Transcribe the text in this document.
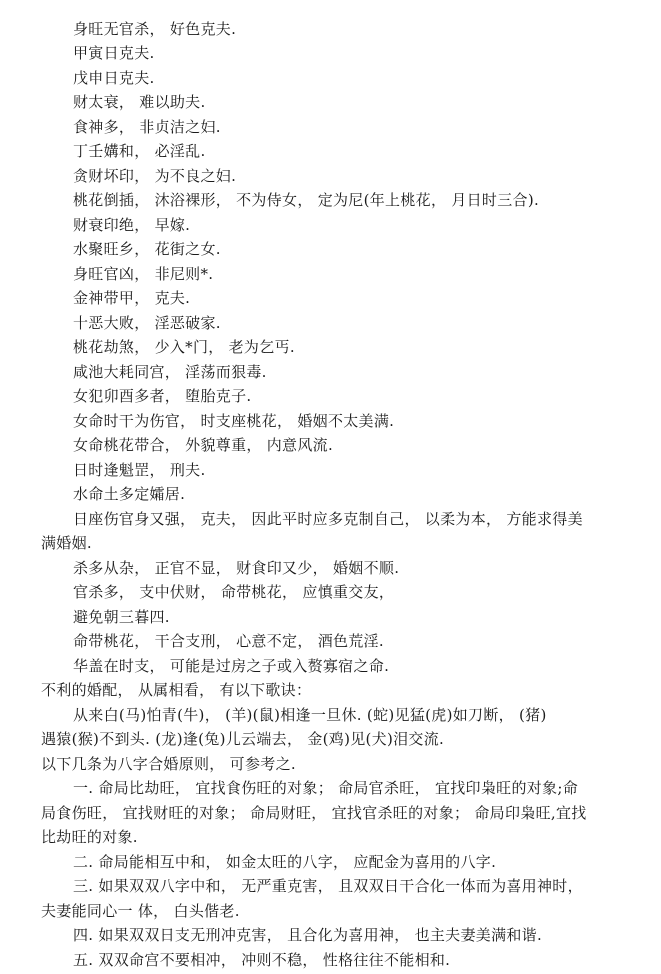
身旺无官杀， 好色克夫.
甲寅日克夫.
戊申日克夫.
财太衰， 难以助夫.
食神多， 非贞洁之妇.
丁壬媾和， 必淫乱.
贪财坏印， 为不良之妇.
桃花倒插， 沐浴裸形， 不为侍女， 定为尼(年上桃花， 月日时三合).
财衰印绝， 早嫁.
水聚旺乡， 花街之女.
身旺官凶， 非尼则*.
金神带甲， 克夫.
十恶大败， 淫恶破家.
桃花劫煞， 少入*门， 老为乞丐.
咸池大耗同宫， 淫荡而狠毒.
女犯卯酉多者， 堕胎克子.
女命时干为伤官， 时支座桃花， 婚姻不太美满.
女命桃花带合， 外貌尊重， 内意风流.
日时逢魁罡， 刑夫.
水命土多定孀居.
日座伤官身又强， 克夫， 因此平时应多克制自己， 以柔为本， 方能求得美
满婚姻.
杀多从杂， 正官不显， 财食印又少， 婚姻不顺.
官杀多， 支中伏财， 命带桃花， 应慎重交友，
避免朝三暮四.
命带桃花， 干合支刑， 心意不定， 酒色荒淫.
华盖在时支， 可能是过房之子或入赘寡宿之命.
不利的婚配， 从属相看， 有以下歌诀：
从来白(马)怕青(牛)， (羊)(鼠)相逢一旦休. (蛇)见猛(虎)如刀断， (猪)
遇猿(猴)不到头. (龙)逢(兔)儿云端去， 金(鸡)见(犬)泪交流.
以下几条为八字合婚原则， 可参考之.
一. 命局比劫旺， 宜找食伤旺的对象； 命局官杀旺， 宜找印枭旺的对象;命
局食伤旺， 宜找财旺的对象； 命局财旺， 宜找官杀旺的对象； 命局印枭旺,宜找
比劫旺的对象.
二. 命局能相互中和， 如金太旺的八字， 应配金为喜用的八字.
三. 如果双双八字中和， 无严重克害， 且双双日干合化一体而为喜用神时，
夫妻能同心一 体， 白头偕老.
四. 如果双双日支无刑冲克害， 且合化为喜用神， 也主夫妻美满和谐.
五. 双双命宫不要相冲， 冲则不稳， 性格往往不能相和.
